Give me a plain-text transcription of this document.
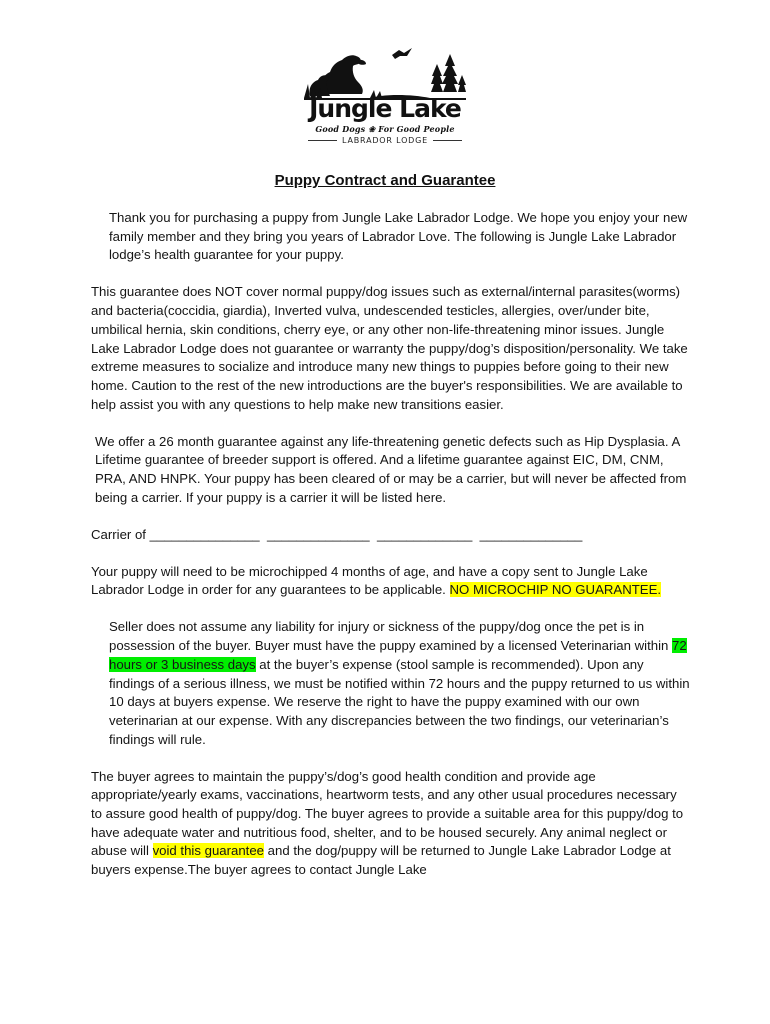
Jungle Lake
Good Dogs ❀ For Good People
LABRADOR LODGE
Puppy Contract and Guarantee

Thank you for purchasing a puppy from Jungle Lake Labrador Lodge. We hope you enjoy your new family member and they bring you years of Labrador Love. The following is Jungle Lake Labrador lodge’s health guarantee for your puppy.

This guarantee does NOT cover normal puppy/dog issues such as external/internal parasites(worms) and bacteria(coccidia, giardia), Inverted vulva, undescended testicles, allergies, over/under bite, umbilical hernia, skin conditions, cherry eye, or any other non-life-threatening minor issues. Jungle Lake Labrador Lodge does not guarantee or warranty the puppy/dog’s disposition/personality. We take extreme measures to socialize and introduce many new things to puppies before going to their new home. Caution to the rest of the new introductions are the buyer's responsibilities. We are available to help assist you with any questions to help make new transitions easier.

We offer a 26 month guarantee against any life-threatening genetic defects such as Hip Dysplasia. A Lifetime guarantee of breeder support is offered. And a lifetime guarantee against EIC, DM, CNM, PRA, AND HNPK. Your puppy has been cleared of or may be a carrier, but will never be affected from being a carrier. If your puppy is a carrier it will be listed here.

Carrier of _______________  ______________  _____________  ______________

Your puppy will need to be microchipped 4 months of age, and have a copy sent to Jungle Lake Labrador Lodge in order for any guarantees to be applicable. NO MICROCHIP NO GUARANTEE.

Seller does not assume any liability for injury or sickness of the puppy/dog once the pet is in possession of the buyer. Buyer must have the puppy examined by a licensed Veterinarian within 72 hours or 3 business days at the buyer’s expense (stool sample is recommended). Upon any findings of a serious illness, we must be notified within 72 hours and the puppy returned to us within 10 days at buyers expense. We reserve the right to have the puppy examined with our own veterinarian at our expense. With any discrepancies between the two findings, our veterinarian’s findings will rule.

The buyer agrees to maintain the puppy’s/dog’s good health condition and provide age appropriate/yearly exams, vaccinations, heartworm tests, and any other usual procedures necessary to assure good health of puppy/dog. The buyer agrees to provide a suitable area for this puppy/dog to have adequate water and nutritious food, shelter, and to be housed securely. Any animal neglect or abuse will void this guarantee and the dog/puppy will be returned to Jungle Lake Labrador Lodge at buyers expense.The buyer agrees to contact Jungle Lake
